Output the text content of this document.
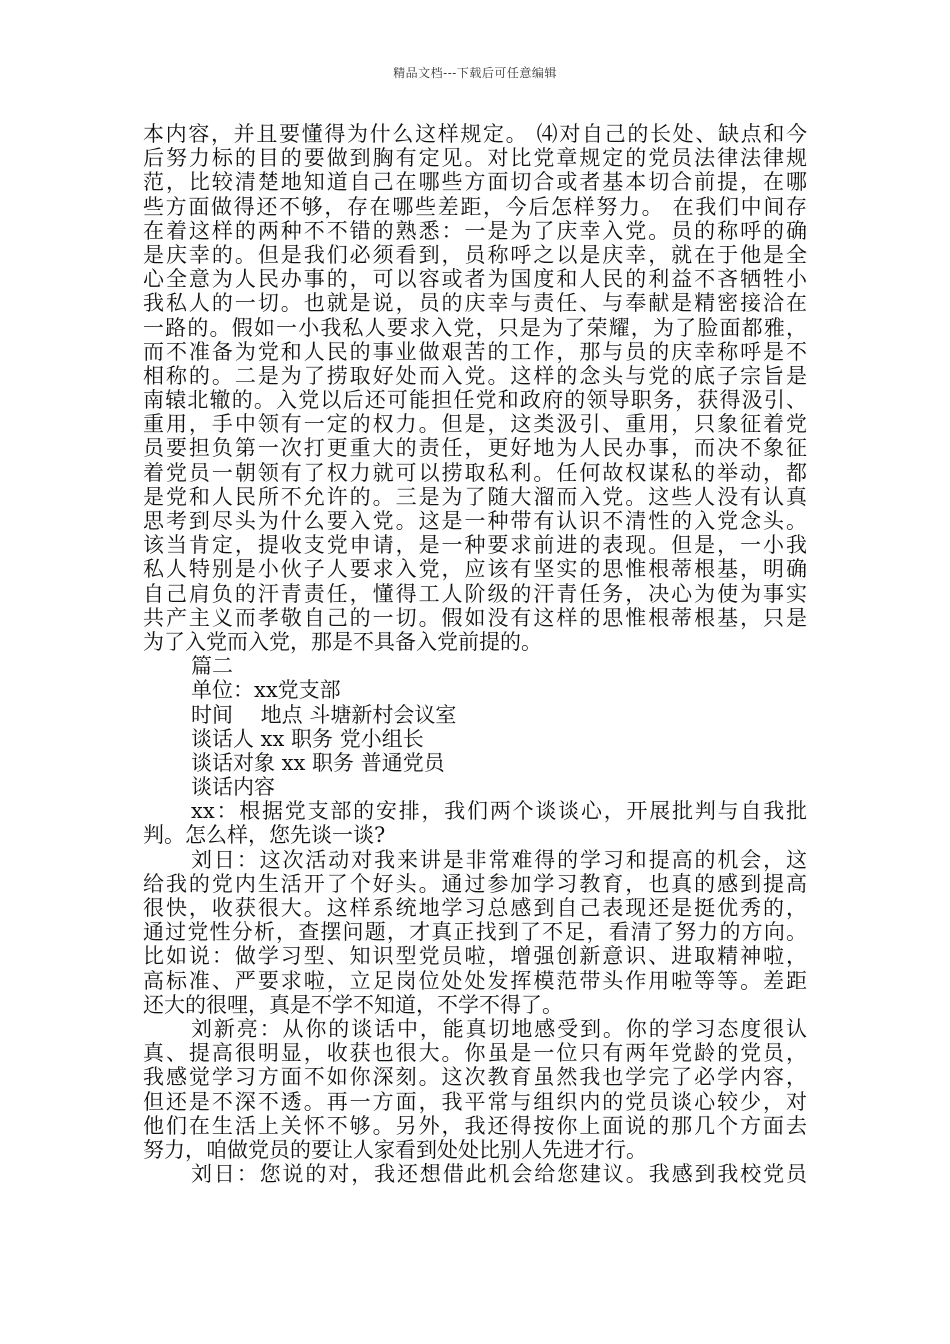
精品文档---下载后可任意编辑
本内容，并且要懂得为什么这样规定。 ⑷对自己的长处、缺点和今
后努力标的目的要做到胸有定见。对比党章规定的党员法律法律规
范，比较清楚地知道自己在哪些方面切合或者基本切合前提，在哪
些方面做得还不够，存在哪些差距，今后怎样努力。 在我们中间存
在着这样的两种不不错的熟悉：一是为了庆幸入党。员的称呼的确
是庆幸的。但是我们必须看到，员称呼之以是庆幸，就在于他是全
心全意为人民办事的，可以容或者为国度和人民的利益不吝牺牲小
我私人的一切。也就是说，员的庆幸与责任、与奉献是精密接洽在
一路的。假如一小我私人要求入党，只是为了荣耀，为了脸面都雅，
而不准备为党和人民的事业做艰苦的工作，那与员的庆幸称呼是不
相称的。二是为了捞取好处而入党。这样的念头与党的底子宗旨是
南辕北辙的。入党以后还可能担任党和政府的领导职务，获得汲引、
重用，手中领有一定的权力。但是，这类汲引、重用，只象征着党
员要担负第一次打更重大的责任，更好地为人民办事，而决不象征
着党员一朝领有了权力就可以捞取私利。任何故权谋私的举动，都
是党和人民所不允许的。三是为了随大溜而入党。这些人没有认真
思考到尽头为什么要入党。这是一种带有认识不清性的入党念头。
该当肯定，提收支党申请，是一种要求前进的表现。但是，一小我
私人特别是小伙子人要求入党，应该有坚实的思惟根蒂根基，明确
自己肩负的汗青责任，懂得工人阶级的汗青任务，决心为使为事实
共产主义而孝敬自己的一切。假如没有这样的思惟根蒂根基，只是
为了入党而入党，那是不具备入党前提的。
篇二
单位：xx党支部
时间　 地点 斗塘新村会议室
谈话人 xx 职务 党小组长
谈话对象 xx 职务 普通党员
谈话内容
xx：根据党支部的安排，我们两个谈谈心，开展批判与自我批
判。怎么样，您先谈一谈?
刘日：这次活动对我来讲是非常难得的学习和提高的机会，这
给我的党内生活开了个好头。通过参加学习教育，也真的感到提高
很快，收获很大。这样系统地学习总感到自己表现还是挺优秀的，
通过党性分析，查摆问题，才真正找到了不足，看清了努力的方向。
比如说：做学习型、知识型党员啦，增强创新意识、进取精神啦，
高标准、严要求啦，立足岗位处处发挥模范带头作用啦等等。差距
还大的很哩，真是不学不知道，不学不得了。
刘新亮：从你的谈话中，能真切地感受到。你的学习态度很认
真、提高很明显，收获也很大。你虽是一位只有两年党龄的党员，
我感觉学习方面不如你深刻。这次教育虽然我也学完了必学内容，
但还是不深不透。再一方面，我平常与组织内的党员谈心较少，对
他们在生活上关怀不够。另外，我还得按你上面说的那几个方面去
努力，咱做党员的要让人家看到处处比别人先进才行。
刘日：您说的对，我还想借此机会给您建议。我感到我校党员
